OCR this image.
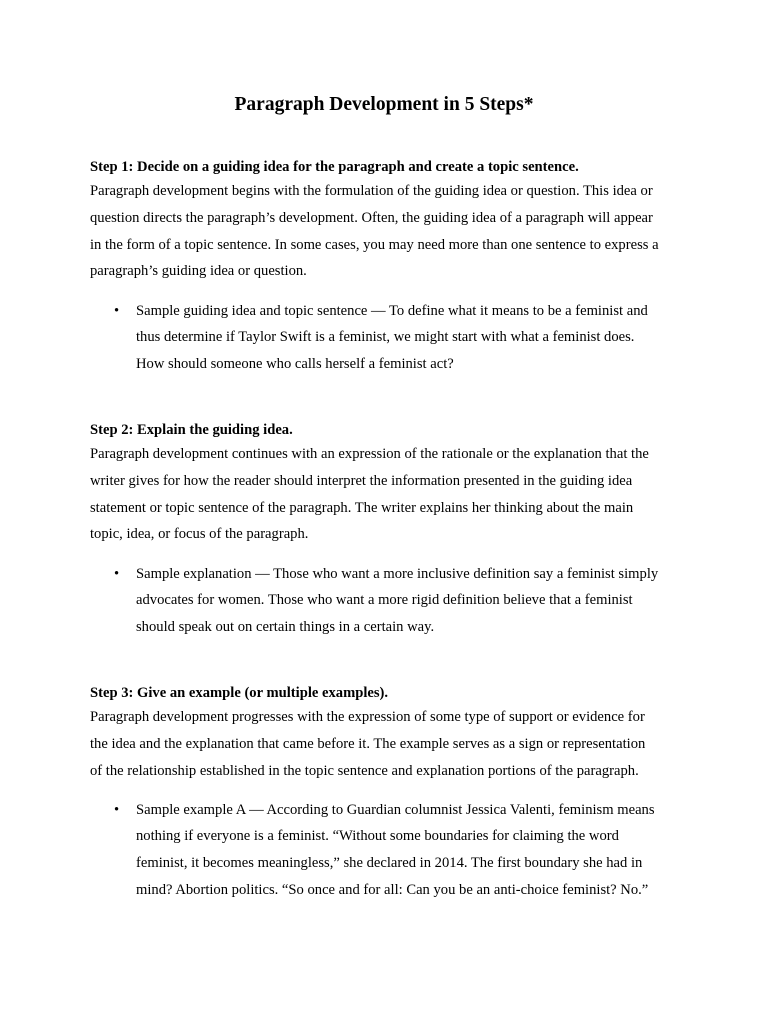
Paragraph Development in 5 Steps*

Step 1: Decide on a guiding idea for the paragraph and create a topic sentence.

Paragraph development begins with the formulation of the guiding idea or question. This idea or

question directs the paragraph’s development. Often, the guiding idea of a paragraph will appear

in the form of a topic sentence. In some cases, you may need more than one sentence to express a

paragraph’s guiding idea or question.

• Sample guiding idea and topic sentence — To define what it means to be a feminist and

thus determine if Taylor Swift is a feminist, we might start with what a feminist does.

How should someone who calls herself a feminist act?

Step 2: Explain the guiding idea.

Paragraph development continues with an expression of the rationale or the explanation that the

writer gives for how the reader should interpret the information presented in the guiding idea

statement or topic sentence of the paragraph. The writer explains her thinking about the main

topic, idea, or focus of the paragraph.

• Sample explanation — Those who want a more inclusive definition say a feminist simply

advocates for women. Those who want a more rigid definition believe that a feminist

should speak out on certain things in a certain way.

Step 3: Give an example (or multiple examples).

Paragraph development progresses with the expression of some type of support or evidence for

the idea and the explanation that came before it. The example serves as a sign or representation

of the relationship established in the topic sentence and explanation portions of the paragraph.

• Sample example A — According to Guardian columnist Jessica Valenti, feminism means

nothing if everyone is a feminist. “Without some boundaries for claiming the word

feminist, it becomes meaningless,” she declared in 2014. The first boundary she had in

mind? Abortion politics. “So once and for all: Can you be an anti-choice feminist? No.”
